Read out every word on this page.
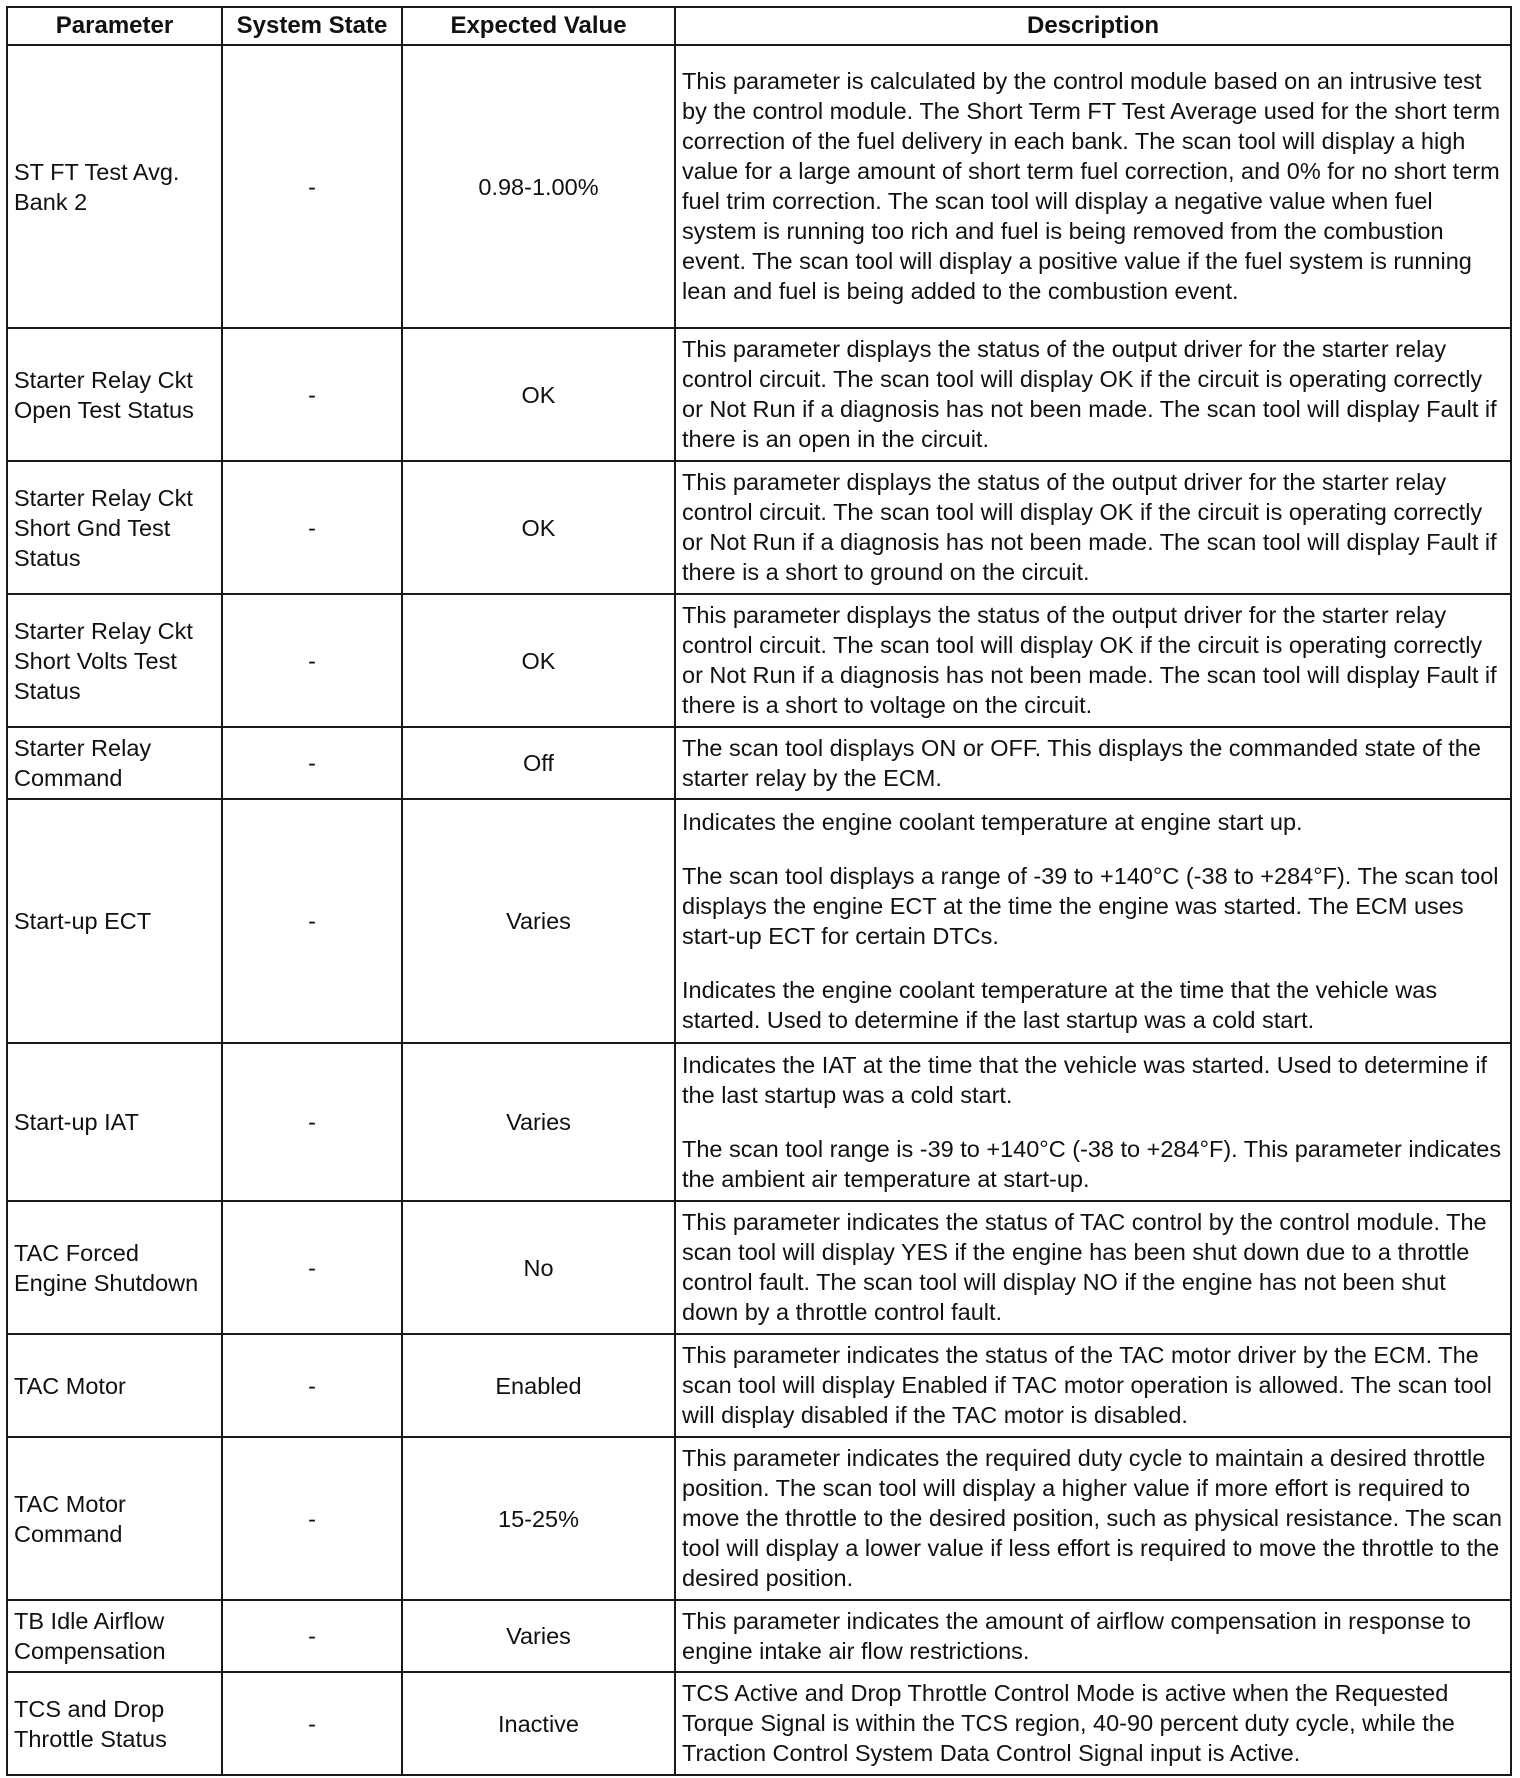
Parameter	System State	Expected Value	Description
ST FT Test Avg. Bank 2	-	0.98-1.00%	This parameter is calculated by the control module based on an intrusive test by the control module. The Short Term FT Test Average used for the short term correction of the fuel delivery in each bank. The scan tool will display a high value for a large amount of short term fuel correction, and 0% for no short term fuel trim correction. The scan tool will display a negative value when fuel system is running too rich and fuel is being removed from the combustion event. The scan tool will display a positive value if the fuel system is running lean and fuel is being added to the combustion event.

Starter Relay Ckt Open Test Status	-	OK	This parameter displays the status of the output driver for the starter relay control circuit. The scan tool will display OK if the circuit is operating correctly or Not Run if a diagnosis has not been made. The scan tool will display Fault if there is an open in the circuit.

Starter Relay Ckt Short Gnd Test Status	-	OK	This parameter displays the status of the output driver for the starter relay control circuit. The scan tool will display OK if the circuit is operating correctly or Not Run if a diagnosis has not been made. The scan tool will display Fault if there is a short to ground on the circuit.

Starter Relay Ckt Short Volts Test Status	-	OK	This parameter displays the status of the output driver for the starter relay control circuit. The scan tool will display OK if the circuit is operating correctly or Not Run if a diagnosis has not been made. The scan tool will display Fault if there is a short to voltage on the circuit.

Starter Relay Command	-	Off	The scan tool displays ON or OFF. This displays the commanded state of the starter relay by the ECM.

Start-up ECT	-	Varies	Indicates the engine coolant temperature at engine start up.

The scan tool displays a range of -39 to +140°C (-38 to +284°F). The scan tool displays the engine ECT at the time the engine was started. The ECM uses start-up ECT for certain DTCs.

Indicates the engine coolant temperature at the time that the vehicle was started. Used to determine if the last startup was a cold start.

Start-up IAT	-	Varies	Indicates the IAT at the time that the vehicle was started. Used to determine if the last startup was a cold start.

The scan tool range is -39 to +140°C (-38 to +284°F). This parameter indicates the ambient air temperature at start-up.

TAC Forced Engine Shutdown	-	No	This parameter indicates the status of TAC control by the control module. The scan tool will display YES if the engine has been shut down due to a throttle control fault. The scan tool will display NO if the engine has not been shut down by a throttle control fault.

TAC Motor	-	Enabled	This parameter indicates the status of the TAC motor driver by the ECM. The scan tool will display Enabled if TAC motor operation is allowed. The scan tool will display disabled if the TAC motor is disabled.

TAC Motor Command	-	15-25%	This parameter indicates the required duty cycle to maintain a desired throttle position. The scan tool will display a higher value if more effort is required to move the throttle to the desired position, such as physical resistance. The scan tool will display a lower value if less effort is required to move the throttle to the desired position.

TB Idle Airflow Compensation	-	Varies	This parameter indicates the amount of airflow compensation in response to engine intake air flow restrictions.

TCS and Drop Throttle Status	-	Inactive	TCS Active and Drop Throttle Control Mode is active when the Requested Torque Signal is within the TCS region, 40-90 percent duty cycle, while the Traction Control System Data Control Signal input is Active.
